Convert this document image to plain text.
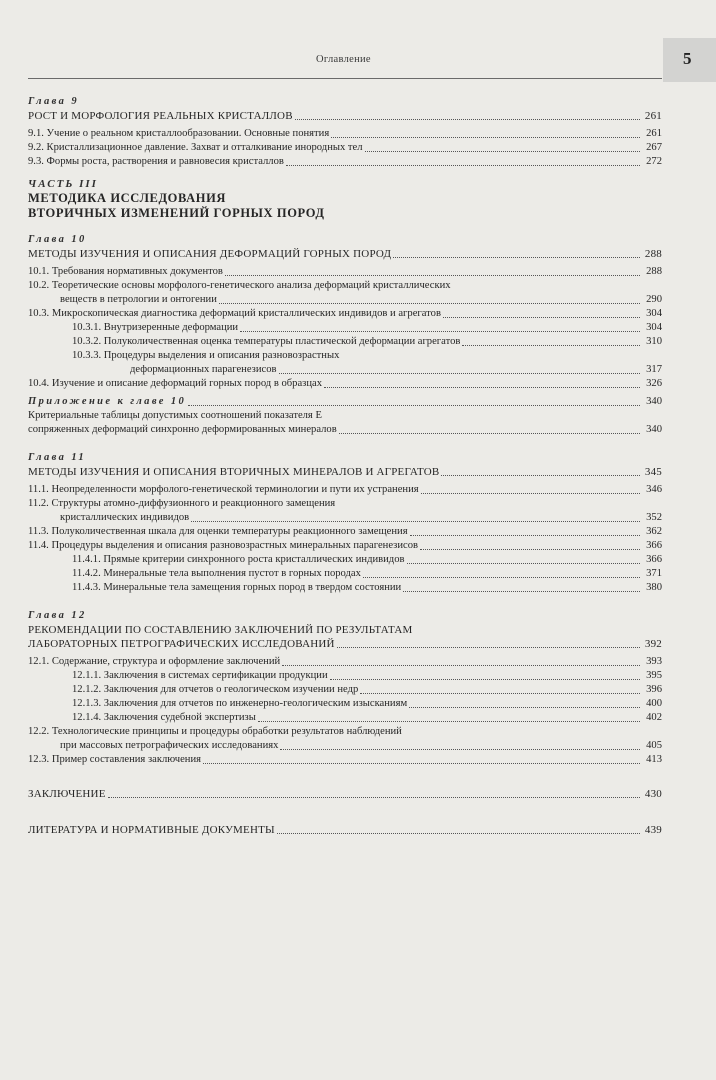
Оглавление	5
Глава 9
РОСТ И МОРФОЛОГИЯ РЕАЛЬНЫХ КРИСТАЛЛОВ	261
9.1. Учение о реальном кристаллообразовании. Основные понятия	261
9.2. Кристаллизационное давление. Захват и отталкивание инородных тел	267
9.3. Формы роста, растворения и равновесия кристаллов	272
ЧАСТЬ III
МЕТОДИКА ИССЛЕДОВАНИЯ
ВТОРИЧНЫХ ИЗМЕНЕНИЙ ГОРНЫХ ПОРОД
Глава 10
МЕТОДЫ ИЗУЧЕНИЯ И ОПИСАНИЯ ДЕФОРМАЦИЙ ГОРНЫХ ПОРОД	288
10.1. Требования нормативных документов	288
10.2. Теоретические основы морфолого-генетического анализа деформаций кристаллических
веществ в петрологии и онтогении	290
10.3. Микроскопическая диагностика деформаций кристаллических индивидов и агрегатов	304
10.3.1. Внутризеренные деформации	304
10.3.2. Полуколичественная оценка температуры пластической деформации агрегатов	310
10.3.3. Процедуры выделения и описания разновозрастных
деформационных парагенезисов	317
10.4. Изучение и описание деформаций горных пород в образцах	326
Приложение к главе 10	340
Критериальные таблицы допустимых соотношений показателя E
сопряженных деформаций синхронно деформированных минералов	340
Глава 11
МЕТОДЫ ИЗУЧЕНИЯ И ОПИСАНИЯ ВТОРИЧНЫХ МИНЕРАЛОВ И АГРЕГАТОВ	345
11.1. Неопределенности морфолого-генетической терминологии и пути их устранения	346
11.2. Структуры атомно-диффузионного и реакционного замещения
кристаллических индивидов	352
11.3. Полуколичественная шкала для оценки температуры реакционного замещения	362
11.4. Процедуры выделения и описания разновозрастных минеральных парагенезисов	366
11.4.1. Прямые критерии синхронного роста кристаллических индивидов	366
11.4.2. Минеральные тела выполнения пустот в горных породах	371
11.4.3. Минеральные тела замещения горных пород в твердом состоянии	380
Глава 12
РЕКОМЕНДАЦИИ ПО СОСТАВЛЕНИЮ ЗАКЛЮЧЕНИЙ ПО РЕЗУЛЬТАТАМ
ЛАБОРАТОРНЫХ ПЕТРОГРАФИЧЕСКИХ ИССЛЕДОВАНИЙ	392
12.1. Содержание, структура и оформление заключений	393
12.1.1. Заключения в системах сертификации продукции	395
12.1.2. Заключения для отчетов о геологическом изучении недр	396
12.1.3. Заключения для отчетов по инженерно-геологическим изысканиям	400
12.1.4. Заключения судебной экспертизы	402
12.2. Технологические принципы и процедуры обработки результатов наблюдений
при массовых петрографических исследованиях	405
12.3. Пример составления заключения	413
ЗАКЛЮЧЕНИЕ	430
ЛИТЕРАТУРА И НОРМАТИВНЫЕ ДОКУМЕНТЫ	439
